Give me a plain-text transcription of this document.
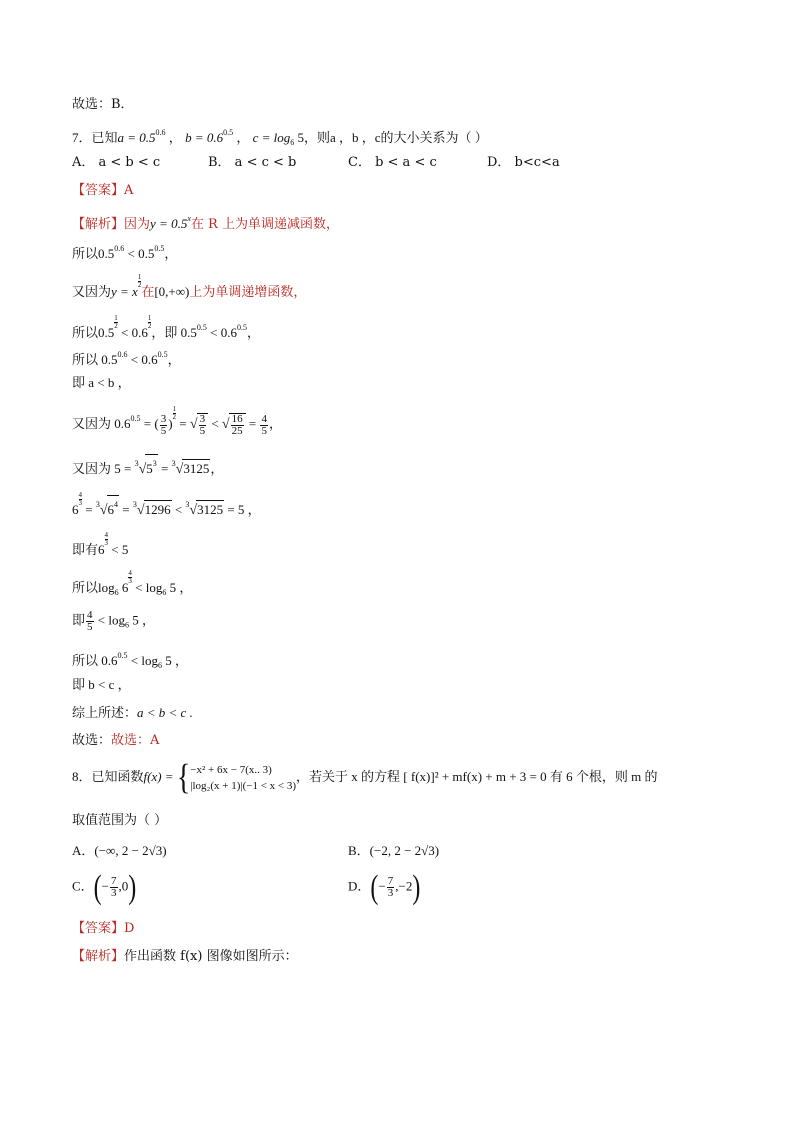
故选：B．
7．已知$a = 0.5^{0.6}$ ， $b = 0.6^{0.5}$ ， $c = \log_6 5$，则a ，b ，c的大小关系为（ ）
A． a < b < c	B． a < c < b	C． b < a < c	D． b<c<a
【答案】A
【解析】因为$y = 0.5^x$在 R 上为单调递减函数，
所以$0.5^{0.6} < 0.5^{0.5}$，
又因为y = x
$\frac{1}{2}$
在[0,+∞)上为单调递增函数，
所以0.5
$\frac{1}{2}$
< 0.6
$\frac{1}{2}$
，即 $0.5^{0.5} < 0.6^{0.5}$，
所以 $0.5^{0.6} < 0.6^{0.5}$，
即 a < b ，
又因为 $0.6^{0.5}$ = ( $\frac{3}{5}$ )
$\frac{1}{2}$
= √ $\frac{3}{5}$ < √ $\frac{16}{25} = \frac{4}{5}$ ，
又因为 $5 = ^3√5^3 = ^3√3125$，
6
$\frac{4}{3}$
= $^3√6^4 = ^3√1296 < ^3√3125 = 5$ ，
即有6
$\frac{4}{3}$
< 5
所以$\log_6 6$
$\frac{4}{3}$
< $\log_6 5$ ，
即 $\frac{4}{5} < \log_6 5$ ，
所以 $0.6^{0.5} < \log_6 5$ ，
即 b < c ，
综上所述：a < b < c .
故选：故选：A
8．已知函数f(x) = { −x² + 6x − 7(x.. 3)
|log₂(x + 1)|(−1 < x < 3)
，若关于 x 的方程 [ f(x)]² + mf(x) + m + 3 = 0 有 6 个根，则 m 的
取值范围为（ ）
A．(−∞, 2 − 2√3)	B．(−2, 2 − 2√3)
C．(− $\frac{7}{3} ,0$)	D．(− $\frac{7}{3} ,-2$)
【答案】D
【解析】作出函数 f(x) 图像如图所示：
